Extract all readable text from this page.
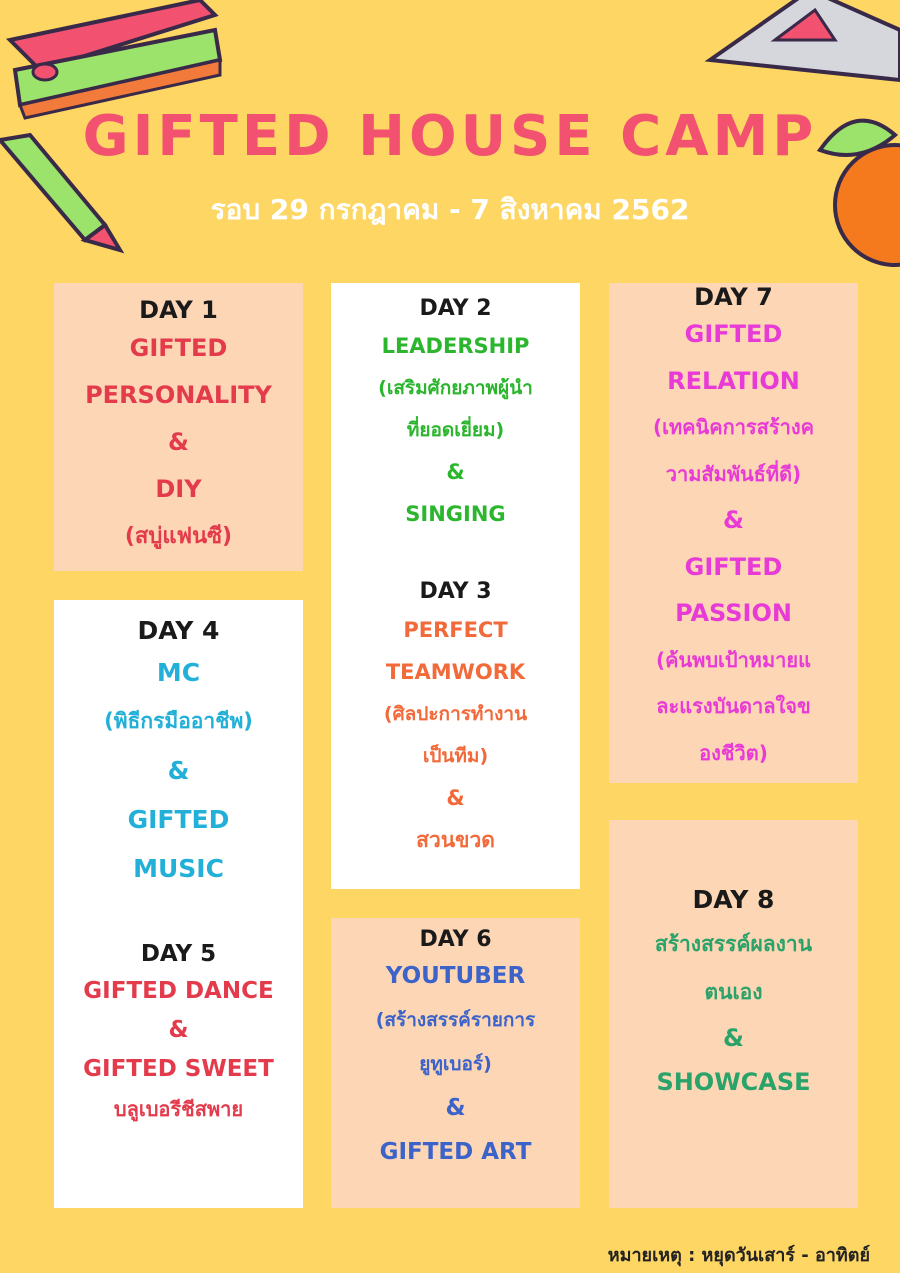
GIFTED HOUSE CAMP
รอบ 29 กรกฎาคม - 7 สิงหาคม 2562
DAY 1
GIFTED
PERSONALITY
&
DIY
(สบู่แฟนซี)
DAY 2
LEADERSHIP
(เสริมศักยภาพผู้นำ
ที่ยอดเยี่ยม)
&
SINGING
DAY 3
PERFECT
TEAMWORK
(ศิลปะการทำงาน
เป็นทีม)
&
สวนขวด
DAY 7
GIFTED
RELATION
(เทคนิคการสร้างค
วามสัมพันธ์ที่ดี)
&
GIFTED
PASSION
(ค้นพบเป้าหมายแ
ละแรงบันดาลใจข
องชีวิต)
DAY 4
MC
(พิธีกรมืออาชีพ)
&
GIFTED
MUSIC
DAY 5
GIFTED DANCE
&
GIFTED SWEET
บลูเบอรีชีสพาย
DAY 6
YOUTUBER
(สร้างสรรค์รายการ
ยูทูเบอร์)
&
GIFTED ART
DAY 8
สร้างสรรค์ผลงาน
ตนเอง
&
SHOWCASE
หมายเหตุ : หยุดวันเสาร์ - อาทิตย์
